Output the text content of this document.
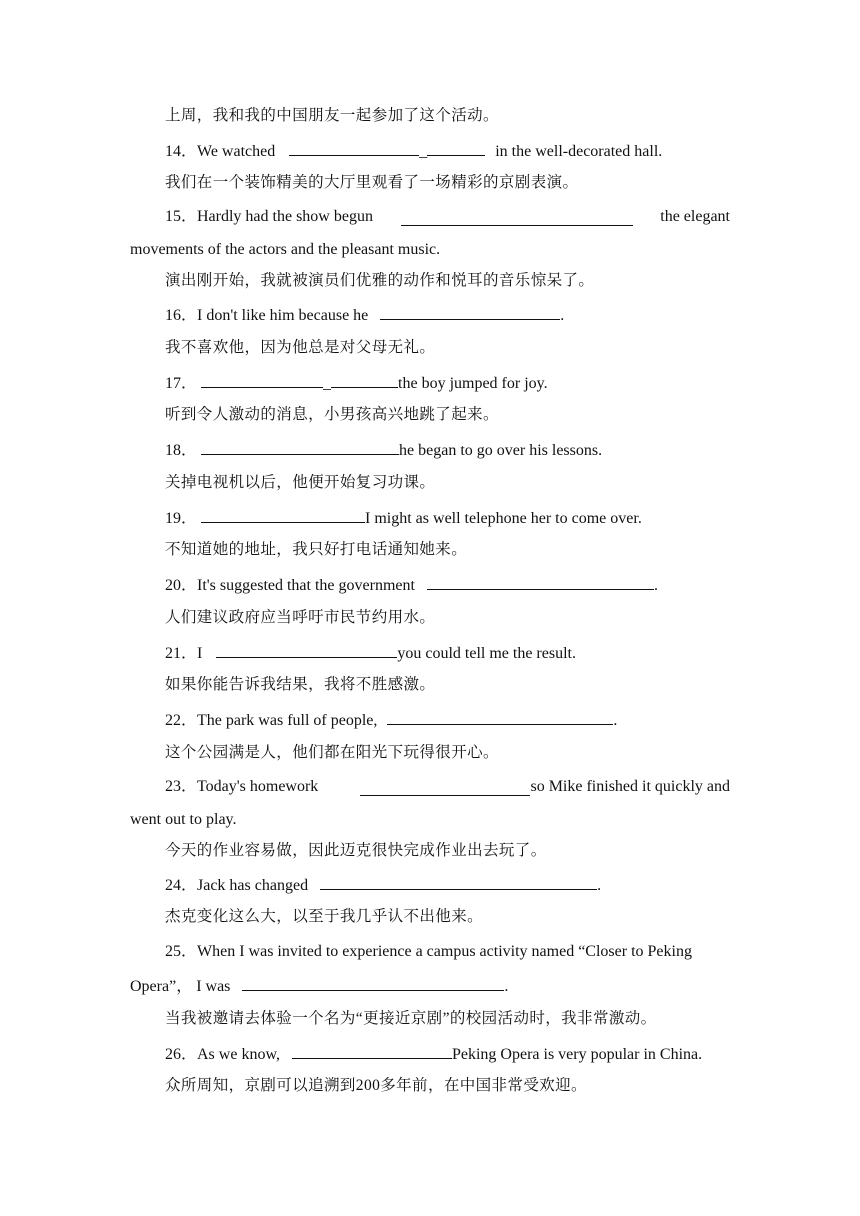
上周，我和我的中国朋友一起参加了这个活动。
14．We watched	_	in the well-decorated hall.
我们在一个装饰精美的大厅里观看了一场精彩的京剧表演。
15．Hardly had the show begun	the elegant
movements of the actors and the pleasant music.
演出刚开始，我就被演员们优雅的动作和悦耳的音乐惊呆了。
16．I don't like him because he	.
我不喜欢他，因为他总是对父母无礼。
17．	_	the boy jumped for joy.
听到令人激动的消息，小男孩高兴地跳了起来。
18．	he began to go over his lessons.
关掉电视机以后，他便开始复习功课。
19．	I might as well telephone her to come over.
不知道她的地址，我只好打电话通知她来。
20．It's suggested that the government	.
人们建议政府应当呼吁市民节约用水。
21．I	you could tell me the result.
如果你能告诉我结果，我将不胜感激。
22．The park was full of people,	.
这个公园满是人，他们都在阳光下玩得很开心。
23．Today's homework	so Mike finished it quickly and
went out to play.
今天的作业容易做，因此迈克很快完成作业出去玩了。
24．Jack has changed	.
杰克变化这么大，以至于我几乎认不出他来。
25．When I was invited to experience a campus activity named “Closer to Peking
Opera”， I was	.
当我被邀请去体验一个名为“更接近京剧”的校园活动时，我非常激动。
26．As we know,	Peking Opera is very popular in China.
众所周知，京剧可以追溯到200多年前，在中国非常受欢迎。
